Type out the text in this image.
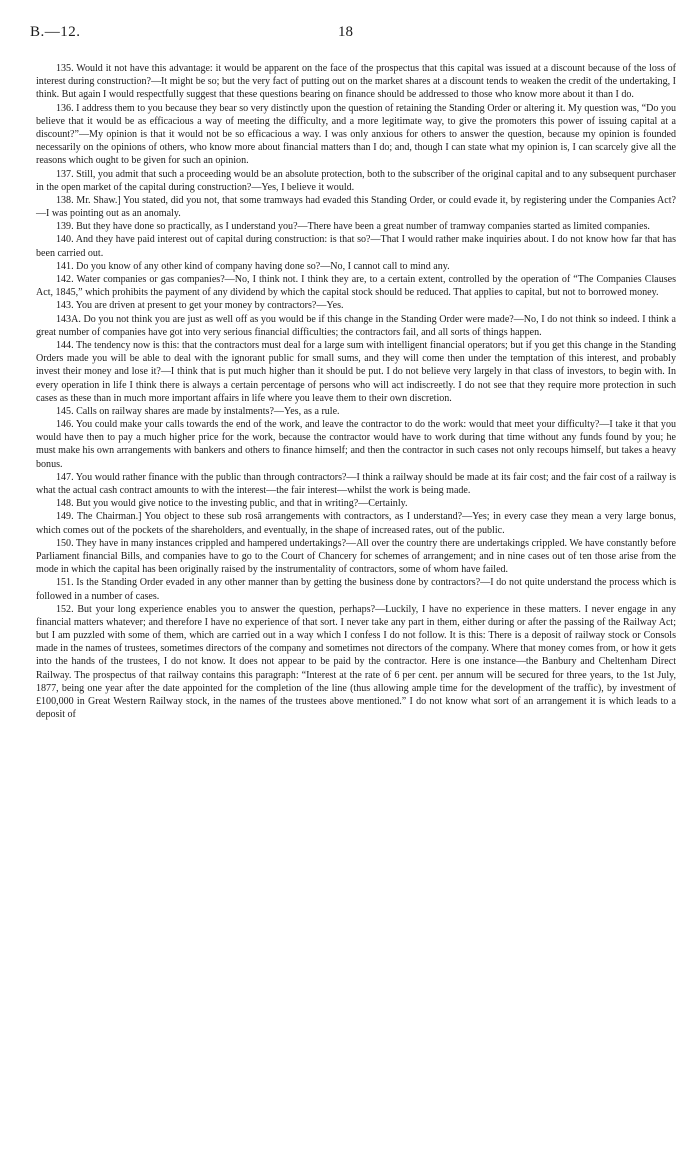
B.—12.	18

135. Would it not have this advantage: it would be apparent on the face of the prospectus that this capital was issued at a discount because of the loss of interest during construction?—It might be so; but the very fact of putting out on the market shares at a discount tends to weaken the credit of the undertaking, I think. But again I would respectfully suggest that these questions bearing on finance should be addressed to those who know more about it than I do.

136. I address them to you because they bear so very distinctly upon the question of retaining the Standing Order or altering it. My question was, “Do you believe that it would be as efficacious a way of meeting the difficulty, and a more legitimate way, to give the promoters this power of issuing capital at a discount?”—My opinion is that it would not be so efficacious a way. I was only anxious for others to answer the question, because my opinion is founded necessarily on the opinions of others, who know more about financial matters than I do; and, though I can state what my opinion is, I can scarcely give all the reasons which ought to be given for such an opinion.

137. Still, you admit that such a proceeding would be an absolute protection, both to the subscriber of the original capital and to any subsequent purchaser in the open market of the capital during construction?—Yes, I believe it would.

138. Mr. Shaw.] You stated, did you not, that some tramways had evaded this Standing Order, or could evade it, by registering under the Companies Act?—I was pointing out as an anomaly.

139. But they have done so practically, as I understand you?—There have been a great number of tramway companies started as limited companies.

140. And they have paid interest out of capital during construction: is that so?—That I would rather make inquiries about. I do not know how far that has been carried out.

141. Do you know of any other kind of company having done so?—No, I cannot call to mind any.

142. Water companies or gas companies?—No, I think not. I think they are, to a certain extent, controlled by the operation of “The Companies Clauses Act, 1845,” which prohibits the payment of any dividend by which the capital stock should be reduced. That applies to capital, but not to borrowed money.

143. You are driven at present to get your money by contractors?—Yes.

143A. Do you not think you are just as well off as you would be if this change in the Standing Order were made?—No, I do not think so indeed. I think a great number of companies have got into very serious financial difficulties; the contractors fail, and all sorts of things happen.

144. The tendency now is this: that the contractors must deal for a large sum with intelligent financial operators; but if you get this change in the Standing Orders made you will be able to deal with the ignorant public for small sums, and they will come then under the temptation of this interest, and probably invest their money and lose it?—I think that is put much higher than it should be put. I do not believe very largely in that class of investors, to begin with. In every operation in life I think there is always a certain percentage of persons who will act indiscreetly. I do not see that they require more protection in such cases as these than in much more important affairs in life where you leave them to their own discretion.

145. Calls on railway shares are made by instalments?—Yes, as a rule.

146. You could make your calls towards the end of the work, and leave the contractor to do the work: would that meet your difficulty?—I take it that you would have then to pay a much higher price for the work, because the contractor would have to work during that time without any funds found by you; he must make his own arrangements with bankers and others to finance himself; and then the contractor in such cases not only recoups himself, but takes a heavy bonus.

147. You would rather finance with the public than through contractors?—I think a railway should be made at its fair cost; and the fair cost of a railway is what the actual cash contract amounts to with the interest—the fair interest—whilst the work is being made.

148. But you would give notice to the investing public, and that in writing?—Certainly.

149. The Chairman.] You object to these sub rosâ arrangements with contractors, as I understand?—Yes; in every case they mean a very large bonus, which comes out of the pockets of the shareholders, and eventually, in the shape of increased rates, out of the public.

150. They have in many instances crippled and hampered undertakings?—All over the country there are undertakings crippled. We have constantly before Parliament financial Bills, and companies have to go to the Court of Chancery for schemes of arrangement; and in nine cases out of ten those arise from the mode in which the capital has been originally raised by the instrumentality of contractors, some of whom have failed.

151. Is the Standing Order evaded in any other manner than by getting the business done by contractors?—I do not quite understand the process which is followed in a number of cases.

152. But your long experience enables you to answer the question, perhaps?—Luckily, I have no experience in these matters. I never engage in any financial matters whatever; and therefore I have no experience of that sort. I never take any part in them, either during or after the passing of the Railway Act; but I am puzzled with some of them, which are carried out in a way which I confess I do not follow. It is this: There is a deposit of railway stock or Consols made in the names of trustees, sometimes directors of the company and sometimes not directors of the company. Where that money comes from, or how it gets into the hands of the trustees, I do not know. It does not appear to be paid by the contractor. Here is one instance—the Banbury and Cheltenham Direct Railway. The prospectus of that railway contains this paragraph: “Interest at the rate of 6 per cent. per annum will be secured for three years, to the 1st July, 1877, being one year after the date appointed for the completion of the line (thus allowing ample time for the development of the traffic), by investment of £100,000 in Great Western Railway stock, in the names of the trustees above mentioned.” I do not know what sort of an arrangement it is which leads to a deposit of
